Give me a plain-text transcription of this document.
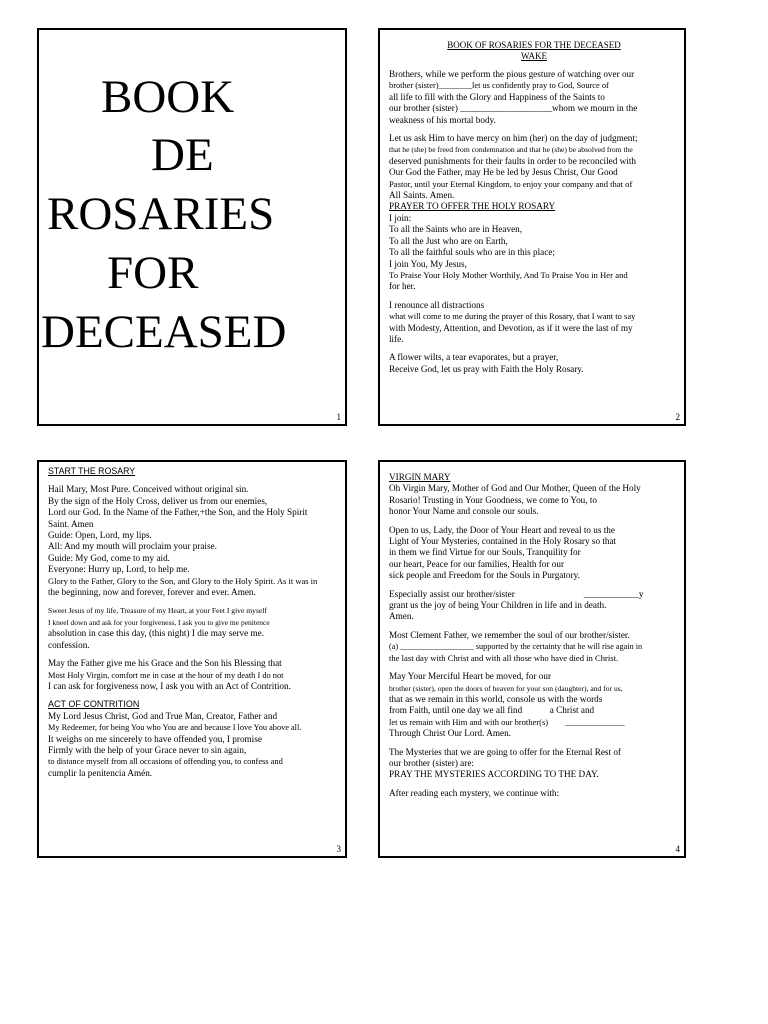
BOOK
DE
ROSARIES
FOR
DECEASED
1

BOOK OF ROSARIES FOR THE DECEASED

WAKE

Brothers, while we perform the pious gesture of watching over our

brother (sister)________let us confidently pray to God, Source of

all life to fill with the Glory and Happiness of the Saints to

our brother (sister) ____________________whom we mourn in the

weakness of his mortal body.

Let us ask Him to have mercy on him (her) on the day of judgment;

that he (she) be freed from condemnation and that he (she) be absolved from the

deserved punishments for their faults in order to be reconciled with

Our God the Father, may He be led by Jesus Christ, Our Good

Pastor, until your Eternal Kingdom, to enjoy your company and that of

All Saints. Amen.

PRAYER TO OFFER THE HOLY ROSARY

I join:

To all the Saints who are in Heaven,

To all the Just who are on Earth,

To all the faithful souls who are in this place;

I join You, My Jesus,

To Praise Your Holy Mother Worthily, And To Praise You in Her and

for her.

I renounce all distractions

what will come to me during the prayer of this Rosary, that I want to say

with Modesty, Attention, and Devotion, as if it were the last of my

life.

A flower wilts, a tear evaporates, but a prayer,

Receive God, let us pray with Faith the Holy Rosary.

2

START THE ROSARY

Hail Mary, Most Pure. Conceived without original sin.

By the sign of the Holy Cross, deliver us from our enemies,

Lord our God. In the Name of the Father,+the Son, and the Holy Spirit

Saint. Amen

Guide: Open, Lord, my lips.

All: And my mouth will proclaim your praise.

Guide: My God, come to my aid.

Everyone: Hurry up, Lord, to help me.

Glory to the Father, Glory to the Son, and Glory to the Holy Spirit. As it was in

the beginning, now and forever, forever and ever. Amen.

Sweet Jesus of my life, Treasure of my Heart, at your Feet I give myself

I kneel down and ask for your forgiveness, I ask you to give me penitence

absolution in case this day, (this night) I die may serve me.

confession.

May the Father give me his Grace and the Son his Blessing that

Most Holy Virgin, comfort me in case at the hour of my death I do not

I can ask for forgiveness now, I ask you with an Act of Contrition.

ACT OF CONTRITION

My Lord Jesus Christ, God and True Man, Creator, Father and

My Redeemer, for being You who You are and because I love You above all.

It weighs on me sincerely to have offended you, I promise

Firmly with the help of your Grace never to sin again,

to distance myself from all occasions of offending you, to confess and

cumplir la penitencia Amén.

3

VIRGIN MARY

Oh Virgin Mary, Mother of God and Our Mother, Queen of the Holy

Rosario! Trusting in Your Goodness, we come to You, to

honor Your Name and console our souls.

Open to us, Lady, the Door of Your Heart and reveal to us the

Light of Your Mysteries, contained in the Holy Rosary so that

in them we find Virtue for our Souls, Tranquility for

our heart, Peace for our families, Health for our

sick people and Freedom for the Souls in Purgatory.

Especially assist our brother/sister                              ____________y

grant us the joy of being Your Children in life and in death.

Amen.

Most Clement Father, we remember the soul of our brother/sister.

(a) __________________ supported by the certainty that he will rise again in

the last day with Christ and with all those who have died in Christ.

May Your Merciful Heart be moved, for our

brother (sister), open the doors of heaven for your son (daughter), and for us,

that as we remain in this world, console us with the words

from Faith, until one day we all find            a Christ and

let us remain with Him and with our brother(s)        ______________

Through Christ Our Lord. Amen.

The Mysteries that we are going to offer for the Eternal Rest of

our brother (sister) are:

PRAY THE MYSTERIES ACCORDING TO THE DAY.

After reading each mystery, we continue with:

4
